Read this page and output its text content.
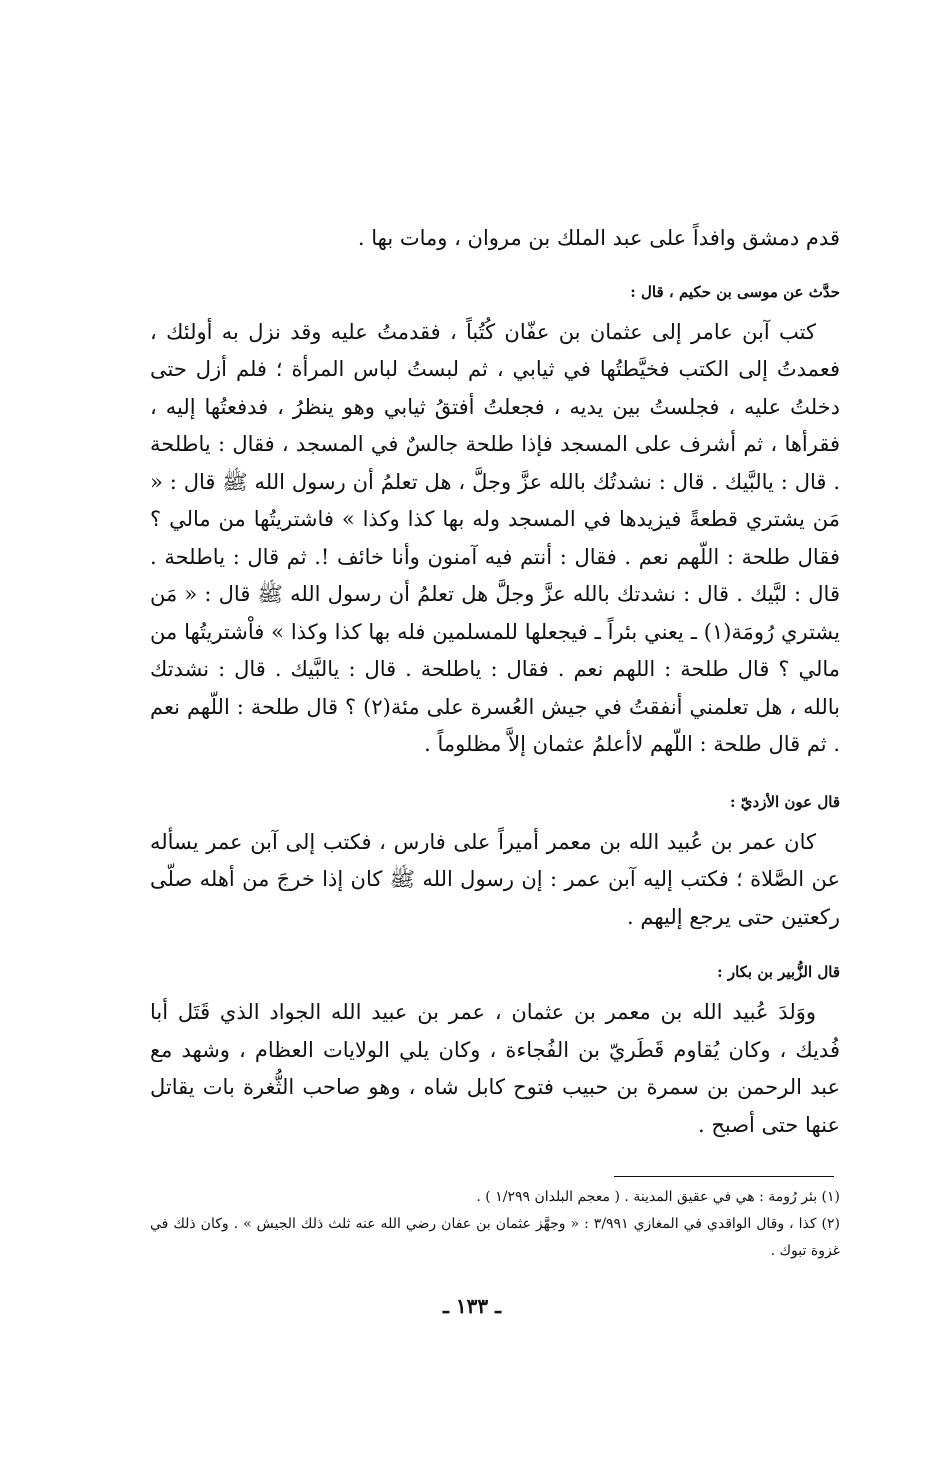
قدم دمشق وافداً على عبد الملك بن مروان ، ومات بها .

حدَّث عن موسى بن حكيم ، قال :

كتب آبن عامر إلى عثمان بن عفّان كُتُباً ، فقدمتُ عليه وقد نزل به أولئك ، فعمدتُ إلى الكتب فخيَّطتُها في ثيابي ، ثم لبستُ لباس المرأة ؛ فلم أزل حتى دخلتُ عليه ، فجلستُ بين يديه ، فجعلتُ أفتقُ ثيابي وهو ينظرُ ، فدفعتُها إليه ، فقرأها ، ثم أشرف على المسجد فإذا طلحة جالسٌ في المسجد ، فقال : ياطلحة . قال : يالبَّيك . قال : نشدتُك بالله عزَّ وجلَّ ، هل تعلمُ أن رسول الله ﷺ قال : « مَن يشتري قطعةً فيزيدها في المسجد وله بها كذا وكذا » فاشتريتُها من مالي ؟ فقال طلحة : اللّهم نعم . فقال : أنتم فيه آمنون وأنا خائف !. ثم قال : ياطلحة . قال : لبَّيك . قال : نشدتك بالله عزَّ وجلَّ هل تعلمُ أن رسول الله ﷺ قال : « مَن يشتري رُومَة(١) ـ يعني بئراً ـ فيجعلها للمسلمين فله بها كذا وكذا » فاْشتريتُها من مالي ؟ قال طلحة : اللهم نعم . فقال : ياطلحة . قال : يالبَّيك . قال : نشدتك بالله ، هل تعلمني أنفقتُ في جيش العُسرة على مئة(٢) ؟ قال طلحة : اللّهم نعم . ثم قال طلحة : اللّهم لاأعلمُ عثمان إلاَّ مظلوماً .

قال عون الأزديّ :

كان عمر بن عُبيد الله بن معمر أميراً على فارس ، فكتب إلى آبن عمر يسأله عن الصَّلاة ؛ فكتب إليه آبن عمر : إن رسول الله ﷺ كان إذا خرجَ من أهله صلّى ركعتين حتى يرجع إليهم .

قال الزُّبير بن بكار :

ووَلدَ عُبيد الله بن معمر بن عثمان ، عمر بن عبيد الله الجواد الذي قَتَل أبا فُديك ، وكان يُقاوم قَطَريّ بن الفُجاءة ، وكان يلي الولايات العظام ، وشهد مع عبد الرحمن بن سمرة بن حبيب فتوح كابل شاه ، وهو صاحب الثُّغرة بات يقاتل عنها حتى أصبح .

(١) بئر رُومة : هي في عقيق المدينة . ( معجم البلدان ١/٢٩٩ ) .

(٢) كذا ، وقال الواقدي في المغازي ٣/٩٩١ : « وجهَّز عثمان بن عفان رضي الله عنه ثلث ذلك الجيش » . وكان ذلك في غزوة تبوك .

ـ ١٣٣ ـ
